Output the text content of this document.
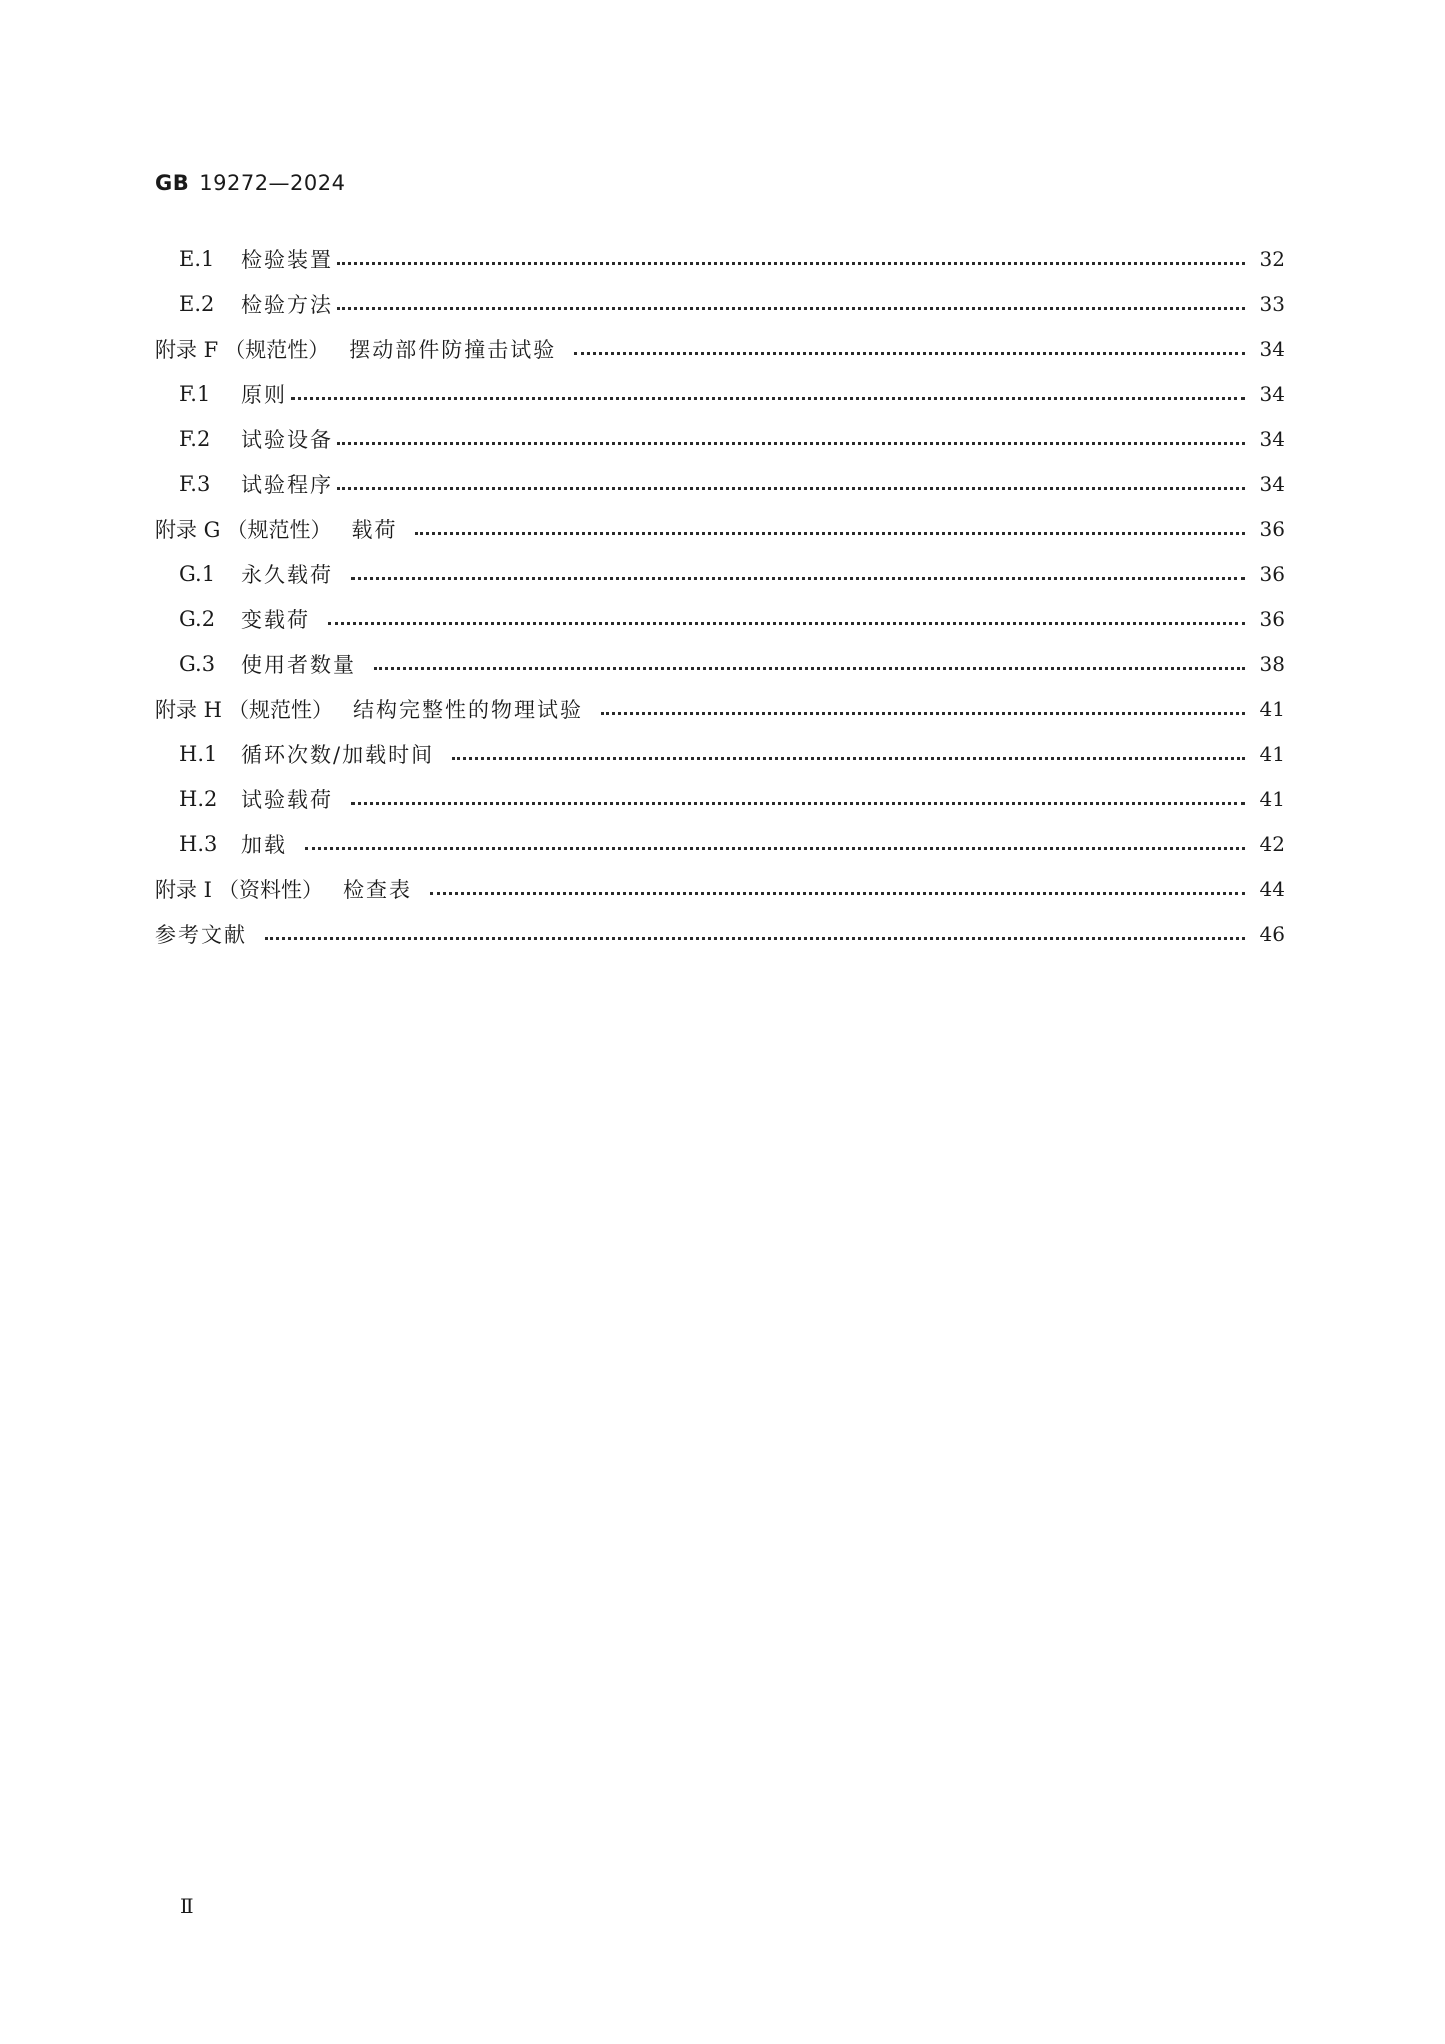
GB 19272—2024
E.1	检验装置	32
E.2	检验方法	33
附录 F （规范性） 摆动部件防撞击试验	34
F.1	原则	34
F.2	试验设备	34
F.3	试验程序	34
附录 G （规范性） 载荷	36
G.1	永久载荷	36
G.2	变载荷	36
G.3	使用者数量	38
附录 H （规范性） 结构完整性的物理试验	41
H.1	循环次数/加载时间	41
H.2	试验载荷	41
H.3	加载	42
附录 I （资料性） 检查表	44
参考文献	46
Ⅱ
